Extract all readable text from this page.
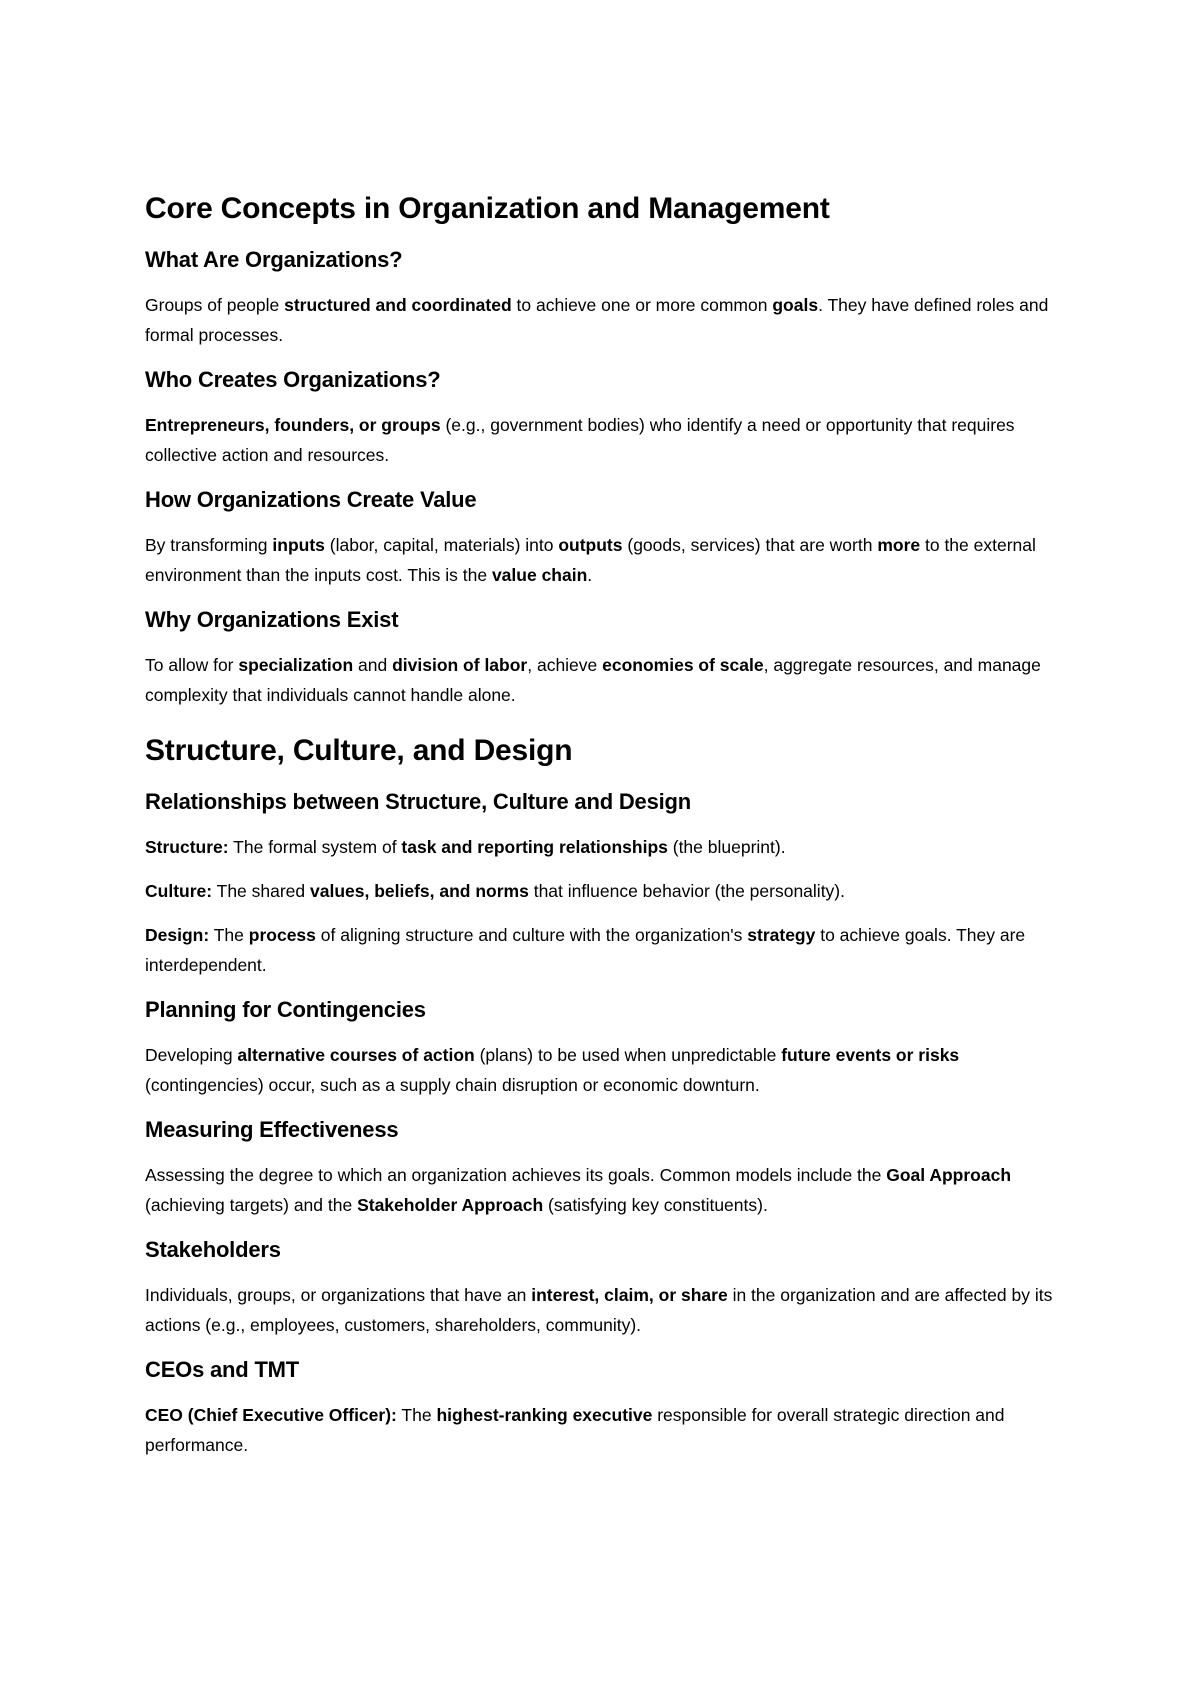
Core Concepts in Organization and Management
What Are Organizations?

Groups of people structured and coordinated to achieve one or more common goals. They have defined roles and formal processes.

Who Creates Organizations?

Entrepreneurs, founders, or groups (e.g., government bodies) who identify a need or opportunity that requires collective action and resources.

How Organizations Create Value

By transforming inputs (labor, capital, materials) into outputs (goods, services) that are worth more to the external environment than the inputs cost. This is the value chain.

Why Organizations Exist

To allow for specialization and division of labor, achieve economies of scale, aggregate resources, and manage complexity that individuals cannot handle alone.

Structure, Culture, and Design
Relationships between Structure, Culture and Design

Structure: The formal system of task and reporting relationships (the blueprint).

Culture: The shared values, beliefs, and norms that influence behavior (the personality).

Design: The process of aligning structure and culture with the organization's strategy to achieve goals. They are interdependent.

Planning for Contingencies

Developing alternative courses of action (plans) to be used when unpredictable future events or risks (contingencies) occur, such as a supply chain disruption or economic downturn.

Measuring Effectiveness

Assessing the degree to which an organization achieves its goals. Common models include the Goal Approach (achieving targets) and the Stakeholder Approach (satisfying key constituents).

Stakeholders

Individuals, groups, or organizations that have an interest, claim, or share in the organization and are affected by its actions (e.g., employees, customers, shareholders, community).

CEOs and TMT

CEO (Chief Executive Officer): The highest-ranking executive responsible for overall strategic direction and performance.
